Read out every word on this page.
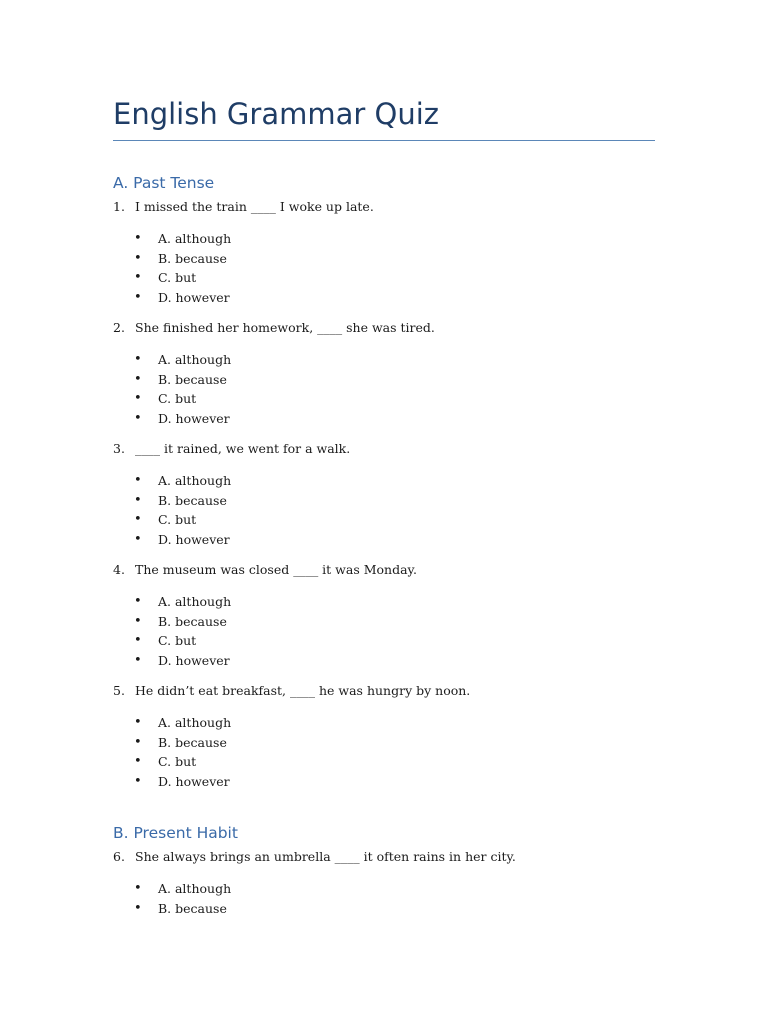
English Grammar Quiz
A. Past Tense
1. I missed the train ____ I woke up late.
• A. although
• B. because
• C. but
• D. however
2. She finished her homework, ____ she was tired.
• A. although
• B. because
• C. but
• D. however
3. ____ it rained, we went for a walk.
• A. although
• B. because
• C. but
• D. however
4. The museum was closed ____ it was Monday.
• A. although
• B. because
• C. but
• D. however
5. He didn’t eat breakfast, ____ he was hungry by noon.
• A. although
• B. because
• C. but
• D. however
B. Present Habit
6. She always brings an umbrella ____ it often rains in her city.
• A. although
• B. because
